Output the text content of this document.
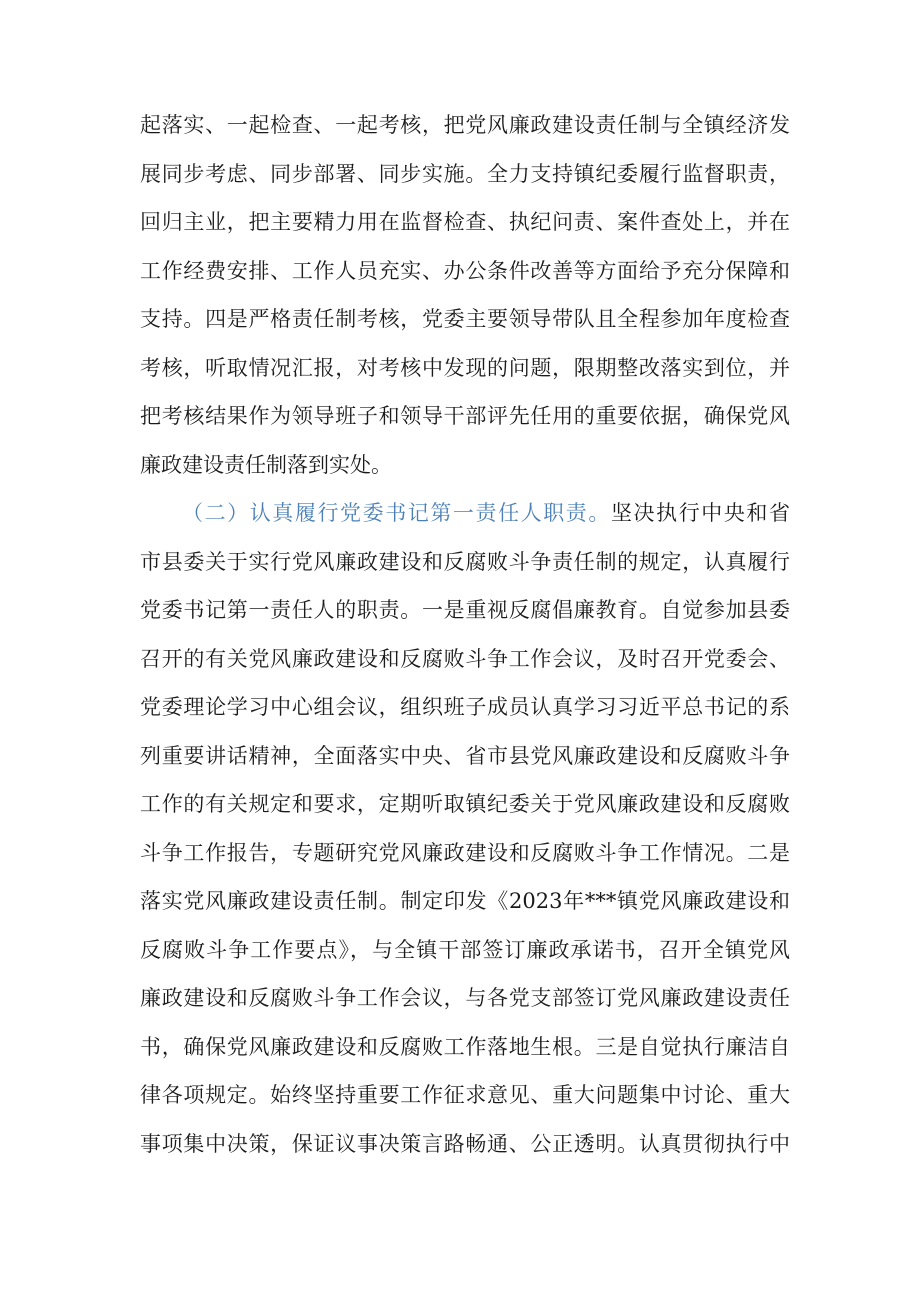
起落实、一起检查、一起考核，把党风廉政建设责任制与全镇经济发
展同步考虑、同步部署、同步实施。全力支持镇纪委履行监督职责，
回归主业，把主要精力用在监督检查、执纪问责、案件查处上，并在
工作经费安排、工作人员充实、办公条件改善等方面给予充分保障和
支持。四是严格责任制考核，党委主要领导带队且全程参加年度检查
考核，听取情况汇报，对考核中发现的问题，限期整改落实到位，并
把考核结果作为领导班子和领导干部评先任用的重要依据，确保党风
廉政建设责任制落到实处。
（二）认真履行党委书记第一责任人职责。坚决执行中央和省
市县委关于实行党风廉政建设和反腐败斗争责任制的规定，认真履行
党委书记第一责任人的职责。一是重视反腐倡廉教育。自觉参加县委
召开的有关党风廉政建设和反腐败斗争工作会议，及时召开党委会、
党委理论学习中心组会议，组织班子成员认真学习习近平总书记的系
列重要讲话精神，全面落实中央、省市县党风廉政建设和反腐败斗争
工作的有关规定和要求，定期听取镇纪委关于党风廉政建设和反腐败
斗争工作报告，专题研究党风廉政建设和反腐败斗争工作情况。二是
落实党风廉政建设责任制。制定印发《2023年***镇党风廉政建设和
反腐败斗争工作要点》，与全镇干部签订廉政承诺书，召开全镇党风
廉政建设和反腐败斗争工作会议，与各党支部签订党风廉政建设责任
书，确保党风廉政建设和反腐败工作落地生根。三是自觉执行廉洁自
律各项规定。始终坚持重要工作征求意见、重大问题集中讨论、重大
事项集中决策，保证议事决策言路畅通、公正透明。认真贯彻执行中
